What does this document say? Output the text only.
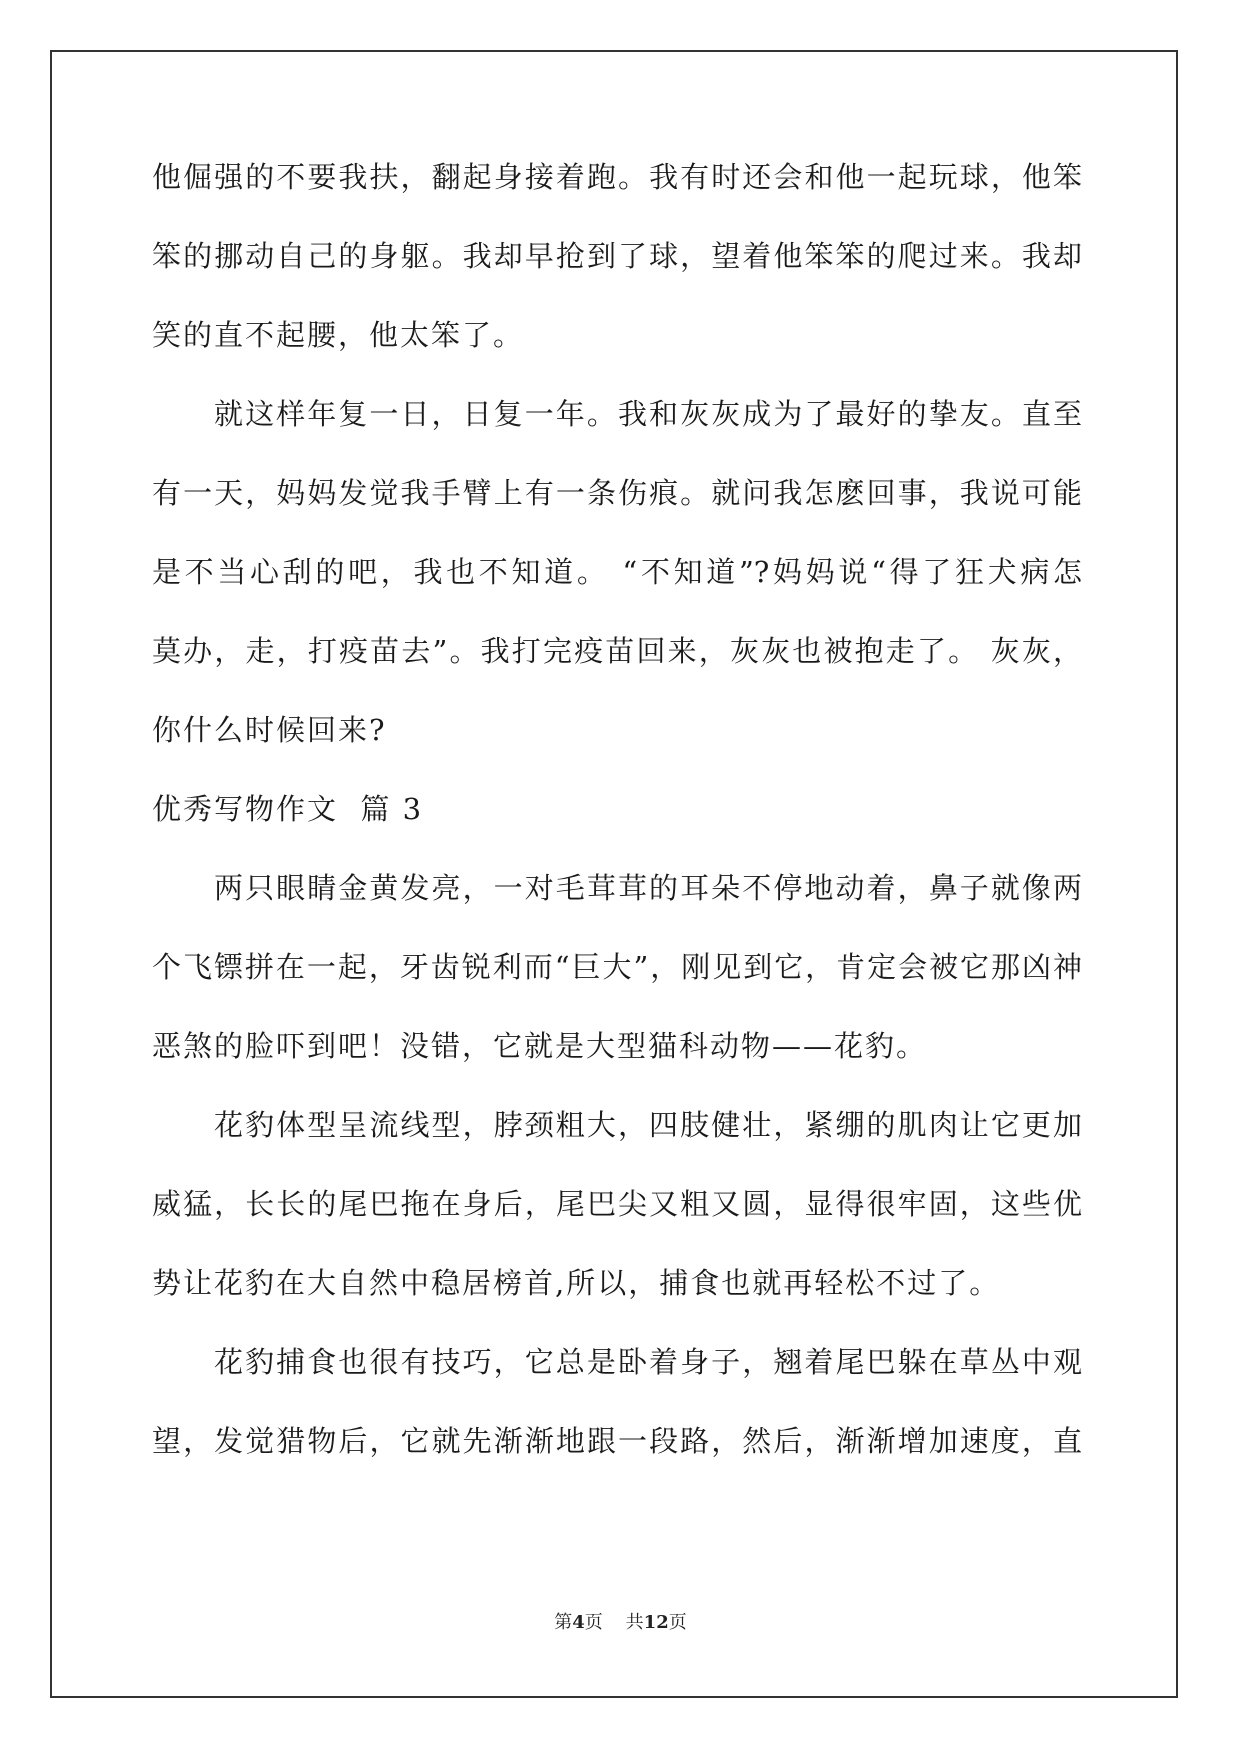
他倔强的不要我扶，翻起身接着跑。我有时还会和他一起玩球，他笨
笨的挪动自己的身躯。我却早抢到了球，望着他笨笨的爬过来。我却
笑的直不起腰，他太笨了。
就这样年复一日，日复一年。我和灰灰成为了最好的挚友。直至
有一天，妈妈发觉我手臂上有一条伤痕。就问我怎麽回事，我说可能
是不当心刮的吧，我也不知道。 “不知道”?妈妈说“得了狂犬病怎
莫办，走，打疫苗去”。我打完疫苗回来，灰灰也被抱走了。 灰灰，
你什么时候回来?
优秀写物作文  篇 3
两只眼睛金黄发亮，一对毛茸茸的耳朵不停地动着，鼻子就像两
个飞镖拼在一起，牙齿锐利而“巨大”，刚见到它，肯定会被它那凶神
恶煞的脸吓到吧！没错，它就是大型猫科动物——花豹。
花豹体型呈流线型，脖颈粗大，四肢健壮，紧绷的肌肉让它更加
威猛，长长的尾巴拖在身后，尾巴尖又粗又圆，显得很牢固，这些优
势让花豹在大自然中稳居榜首,所以，捕食也就再轻松不过了。
花豹捕食也很有技巧，它总是卧着身子，翘着尾巴躲在草丛中观
望，发觉猎物后，它就先渐渐地跟一段路，然后，渐渐增加速度，直
第4页    共12页
